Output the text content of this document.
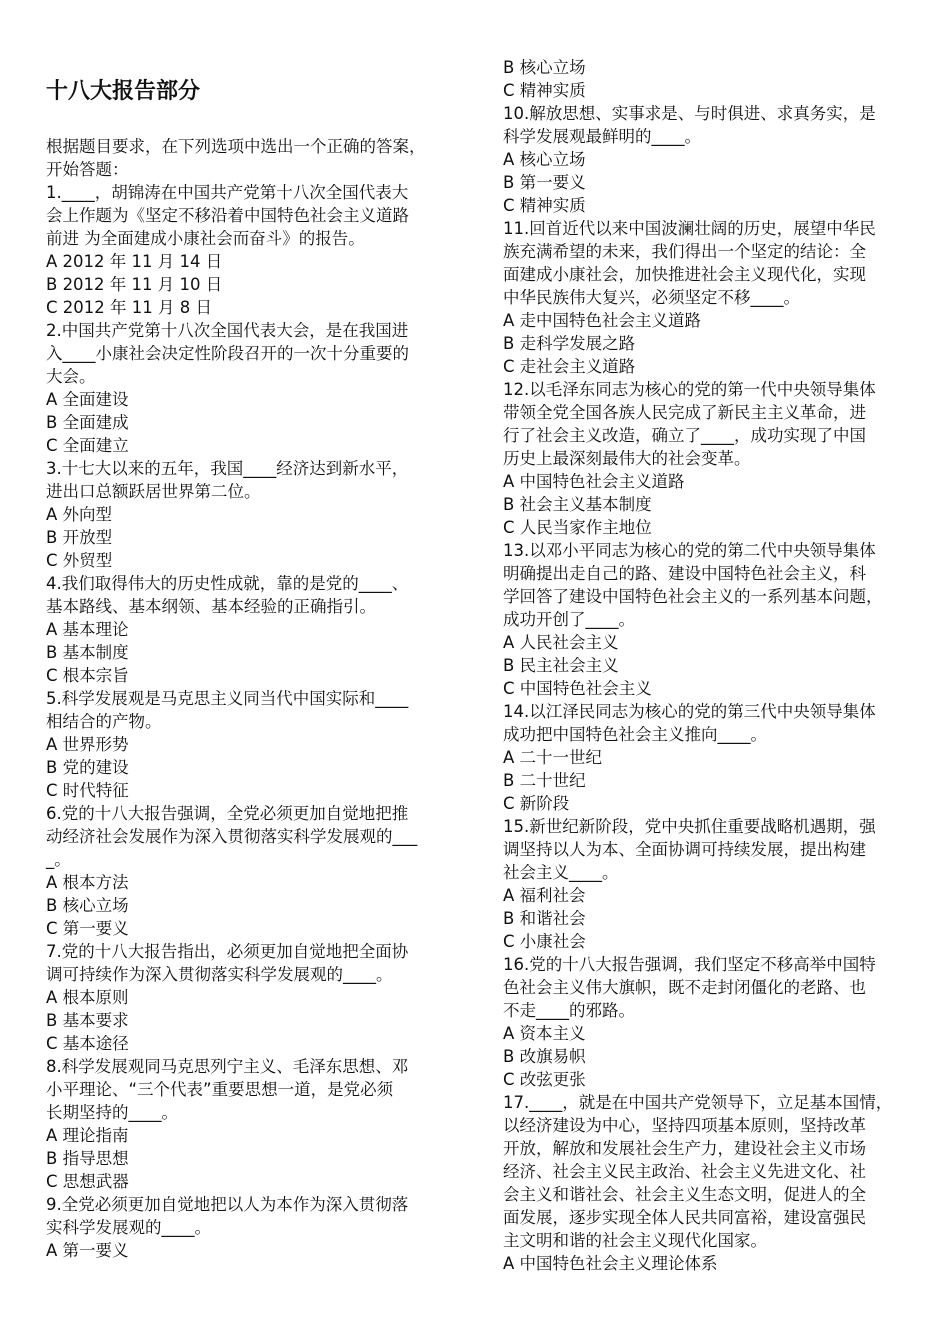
十八大报告部分
根据题目要求，在下列选项中选出一个正确的答案，
开始答题：
1.____，胡锦涛在中国共产党第十八次全国代表大
会上作题为《坚定不移沿着中国特色社会主义道路
前进 为全面建成小康社会而奋斗》的报告。
A 2012 年 11 月 14 日
B 2012 年 11 月 10 日
C 2012 年 11 月 8 日
2.中国共产党第十八次全国代表大会，是在我国进
入____小康社会决定性阶段召开的一次十分重要的
大会。
A 全面建设
B 全面建成
C 全面建立
3.十七大以来的五年，我国____经济达到新水平，
进出口总额跃居世界第二位。
A 外向型
B 开放型
C 外贸型
4.我们取得伟大的历史性成就，靠的是党的____、
基本路线、基本纲领、基本经验的正确指引。
A 基本理论
B 基本制度
C 根本宗旨
5.科学发展观是马克思主义同当代中国实际和____
相结合的产物。
A 世界形势
B 党的建设
C 时代特征
6.党的十八大报告强调，全党必须更加自觉地把推
动经济社会发展作为深入贯彻落实科学发展观的___
_。
A 根本方法
B 核心立场
C 第一要义
7.党的十八大报告指出，必须更加自觉地把全面协
调可持续作为深入贯彻落实科学发展观的____。
A 根本原则
B 基本要求
C 基本途径
8.科学发展观同马克思列宁主义、毛泽东思想、邓
小平理论、“三个代表”重要思想一道，是党必须
长期坚持的____。
A 理论指南
B 指导思想
C 思想武器
9.全党必须更加自觉地把以人为本作为深入贯彻落
实科学发展观的____。
A 第一要义
B 核心立场
C 精神实质
10.解放思想、实事求是、与时俱进、求真务实，是
科学发展观最鲜明的____。
A 核心立场
B 第一要义
C 精神实质
11.回首近代以来中国波澜壮阔的历史，展望中华民
族充满希望的未来，我们得出一个坚定的结论：全
面建成小康社会，加快推进社会主义现代化，实现
中华民族伟大复兴，必须坚定不移____。
A 走中国特色社会主义道路
B 走科学发展之路
C 走社会主义道路
12.以毛泽东同志为核心的党的第一代中央领导集体
带领全党全国各族人民完成了新民主主义革命，进
行了社会主义改造，确立了____，成功实现了中国
历史上最深刻最伟大的社会变革。
A 中国特色社会主义道路
B 社会主义基本制度
C 人民当家作主地位
13.以邓小平同志为核心的党的第二代中央领导集体
明确提出走自己的路、建设中国特色社会主义，科
学回答了建设中国特色社会主义的一系列基本问题，
成功开创了____。
A 人民社会主义
B 民主社会主义
C 中国特色社会主义
14.以江泽民同志为核心的党的第三代中央领导集体
成功把中国特色社会主义推向____。
A 二十一世纪
B 二十世纪
C 新阶段
15.新世纪新阶段，党中央抓住重要战略机遇期，强
调坚持以人为本、全面协调可持续发展，提出构建
社会主义____。
A 福利社会
B 和谐社会
C 小康社会
16.党的十八大报告强调，我们坚定不移高举中国特
色社会主义伟大旗帜，既不走封闭僵化的老路、也
不走____的邪路。
A 资本主义
B 改旗易帜
C 改弦更张
17.____，就是在中国共产党领导下，立足基本国情，
以经济建设为中心，坚持四项基本原则，坚持改革
开放，解放和发展社会生产力，建设社会主义市场
经济、社会主义民主政治、社会主义先进文化、社
会主义和谐社会、社会主义生态文明，促进人的全
面发展，逐步实现全体人民共同富裕，建设富强民
主文明和谐的社会主义现代化国家。
A 中国特色社会主义理论体系
